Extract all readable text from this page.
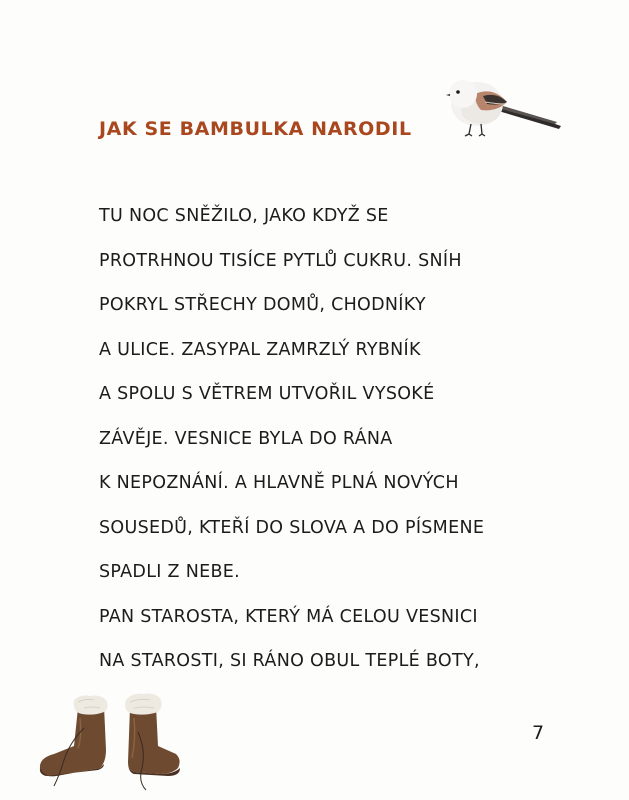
JAK SE BAMBULKA NARODIL
TU NOC SNĚŽILO, JAKO KDYŽ SE
PROTRHNOU TISÍCE PYTLŮ CUKRU. SNÍH
POKRYL STŘECHY DOMŮ, CHODNÍKY
A ULICE. ZASYPAL ZAMRZLÝ RYBNÍK
A SPOLU S VĚTREM UTVOŘIL VYSOKÉ
ZÁVĚJE. VESNICE BYLA DO RÁNA
K NEPOZNÁNÍ. A HLAVNĚ PLNÁ NOVÝCH
SOUSEDŮ, KTEŘÍ DO SLOVA A DO PÍSMENE
SPADLI Z NEBE.
PAN STAROSTA, KTERÝ MÁ CELOU VESNICI
NA STAROSTI, SI RÁNO OBUL TEPLÉ BOTY,
7
